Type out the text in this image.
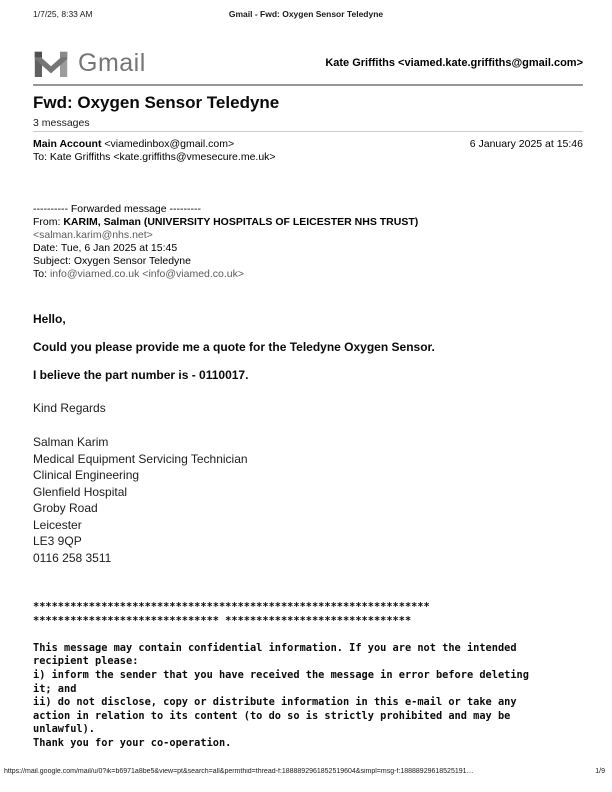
1/7/25, 8:33 AM	Gmail - Fwd: Oxygen Sensor Teledyne
Gmail	Kate Griffiths <viamed.kate.griffiths@gmail.com>
Fwd: Oxygen Sensor Teledyne
3 messages
Main Account <viamedinbox@gmail.com>	6 January 2025 at 15:46
To: Kate Griffiths <kate.griffiths@vmesecure.me.uk>
---------- Forwarded message ---------
From: KARIM, Salman (UNIVERSITY HOSPITALS OF LEICESTER NHS TRUST)
<salman.karim@nhs.net>
Date: Tue, 6 Jan 2025 at 15:45
Subject: Oxygen Sensor Teledyne
To: info@viamed.co.uk <info@viamed.co.uk>
Hello,
Could you please provide me a quote for the Teledyne Oxygen Sensor.
I believe the part number is - 0110017.
Kind Regards
Salman Karim
Medical Equipment Servicing Technician
Clinical Engineering
Glenfield Hospital
Groby Road
Leicester
LE3 9QP
0116 258 3511
****************************************************************
****************************** ******************************
This message may contain confidential information. If you are not the intended
recipient please:
i) inform the sender that you have received the message in error before deleting
it; and
ii) do not disclose, copy or distribute information in this e-mail or take any
action in relation to its content (to do so is strictly prohibited and may be
unlawful).
Thank you for your co-operation.
https://mail.google.com/mail/u/0?ik=b6971a8be5&view=pt&search=all&permthid=thread-f:1888892961852519604&simpl=msg-f:18888929618525191…	1/9
